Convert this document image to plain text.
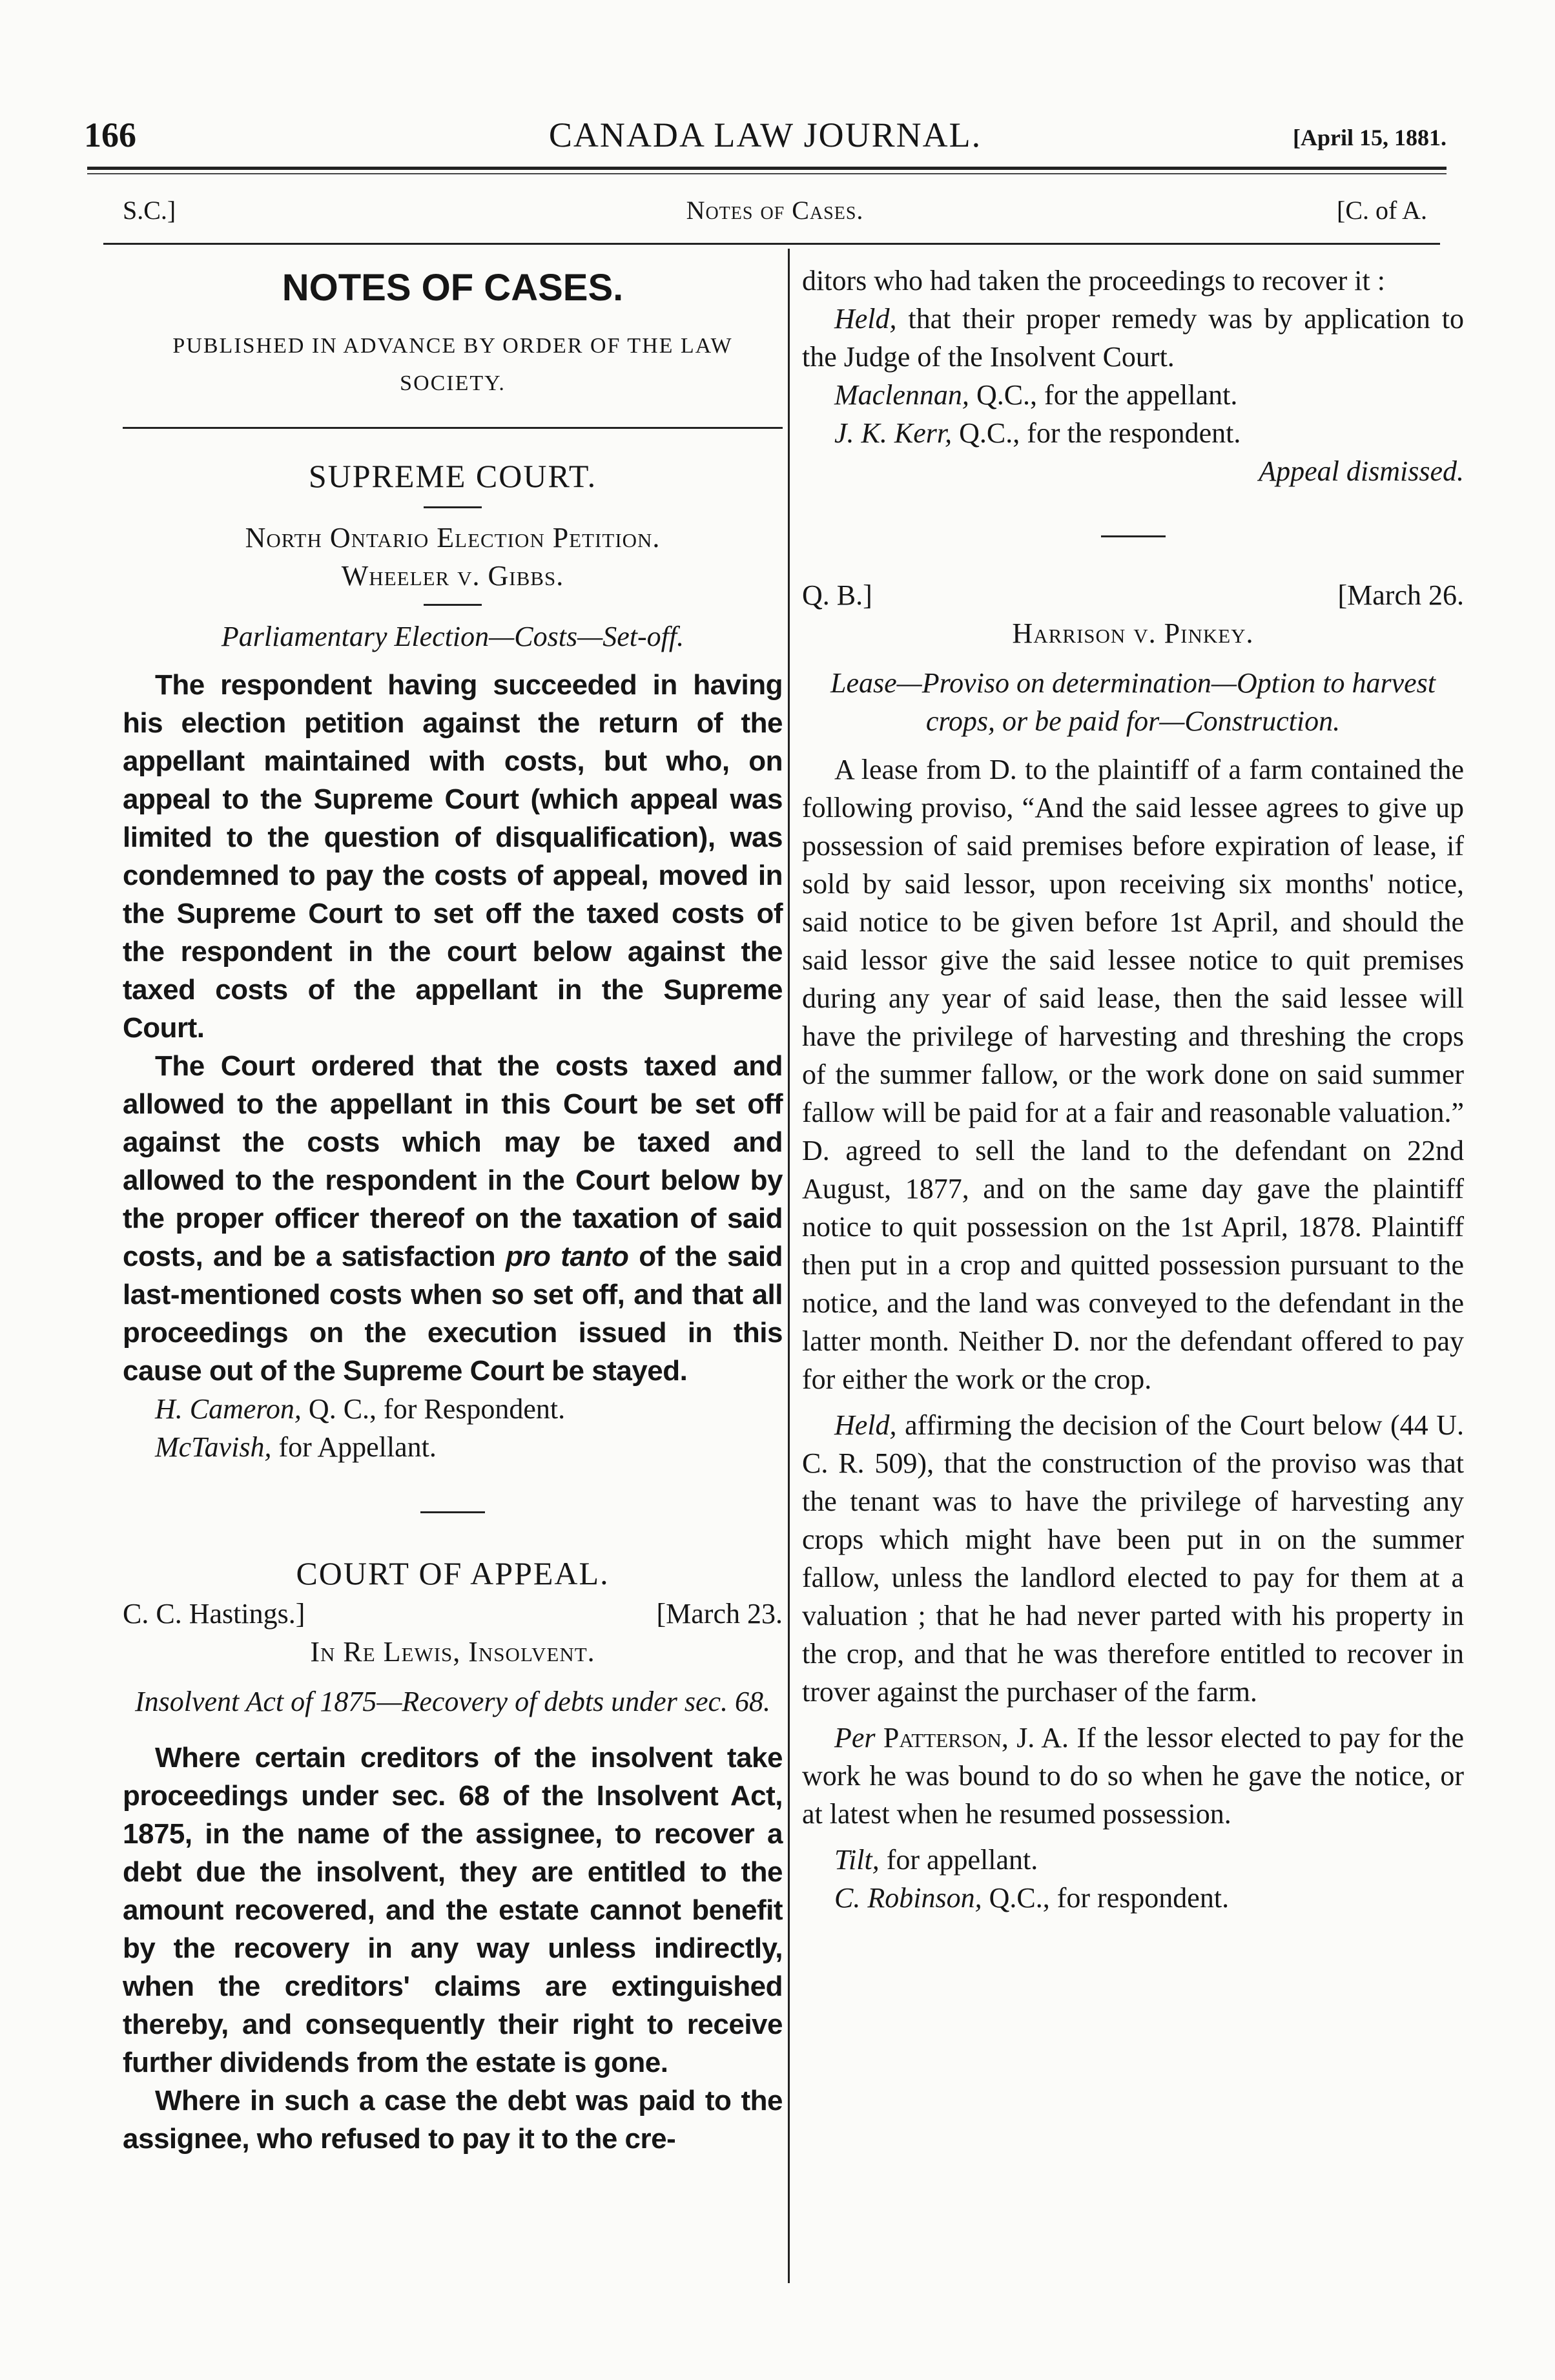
166	CANADA LAW JOURNAL.	[April 15, 1881.
S.C.]	Notes of Cases.	[C. of A.
NOTES OF CASES.
PUBLISHED IN ADVANCE BY ORDER OF THE LAW SOCIETY.
SUPREME COURT.
North Ontario Election Petition.
Wheeler v. Gibbs.
Parliamentary Election—Costs—Set-off.

The respondent having succeeded in having his election petition against the return of the appellant maintained with costs, but who, on appeal to the Supreme Court (which appeal was limited to the question of disqualification), was condemned to pay the costs of appeal, moved in the Supreme Court to set off the taxed costs of the respondent in the court below against the taxed costs of the appellant in the Supreme Court.

The Court ordered that the costs taxed and allowed to the appellant in this Court be set off against the costs which may be taxed and allowed to the respondent in the Court below by the proper officer thereof on the taxation of said costs, and be a satisfaction pro tanto of the said last-mentioned costs when so set off, and that all proceedings on the execution issued in this cause out of the Supreme Court be stayed.

H. Cameron, Q. C., for Respondent.

McTavish, for Appellant.

COURT OF APPEAL.
C. C. Hastings.]	[March 23.
In Re Lewis, Insolvent.
Insolvent Act of 1875—Recovery of debts under sec. 68.

Where certain creditors of the insolvent take proceedings under sec. 68 of the Insolvent Act, 1875, in the name of the assignee, to recover a debt due the insolvent, they are entitled to the amount recovered, and the estate cannot benefit by the recovery in any way unless indirectly, when the creditors' claims are extinguished thereby, and consequently their right to receive further dividends from the estate is gone.

Where in such a case the debt was paid to the assignee, who refused to pay it to the cre-

ditors who had taken the proceedings to recover it :

Held, that their proper remedy was by application to the Judge of the Insolvent Court.

Maclennan, Q.C., for the appellant.

J. K. Kerr, Q.C., for the respondent.

Appeal dismissed.

Q. B.]	[March 26.
Harrison v. Pinkey.
Lease—Proviso on determination—Option to harvest crops, or be paid for—Construction.

A lease from D. to the plaintiff of a farm contained the following proviso, “And the said lessee agrees to give up possession of said premises before expiration of lease, if sold by said lessor, upon receiving six months' notice, said notice to be given before 1st April, and should the said lessor give the said lessee notice to quit premises during any year of said lease, then the said lessee will have the privilege of harvesting and threshing the crops of the summer fallow, or the work done on said summer fallow will be paid for at a fair and reasonable valuation.” D. agreed to sell the land to the defendant on 22nd August, 1877, and on the same day gave the plaintiff notice to quit possession on the 1st April, 1878. Plaintiff then put in a crop and quitted possession pursuant to the notice, and the land was conveyed to the defendant in the latter month. Neither D. nor the defendant offered to pay for either the work or the crop.

Held, affirming the decision of the Court below (44 U. C. R. 509), that the construction of the proviso was that the tenant was to have the privilege of harvesting any crops which might have been put in on the summer fallow, unless the landlord elected to pay for them at a valuation ; that he had never parted with his property in the crop, and that he was therefore entitled to recover in trover against the purchaser of the farm.

Per Patterson, J. A. If the lessor elected to pay for the work he was bound to do so when he gave the notice, or at latest when he resumed possession.

Tilt, for appellant.

C. Robinson, Q.C., for respondent.
